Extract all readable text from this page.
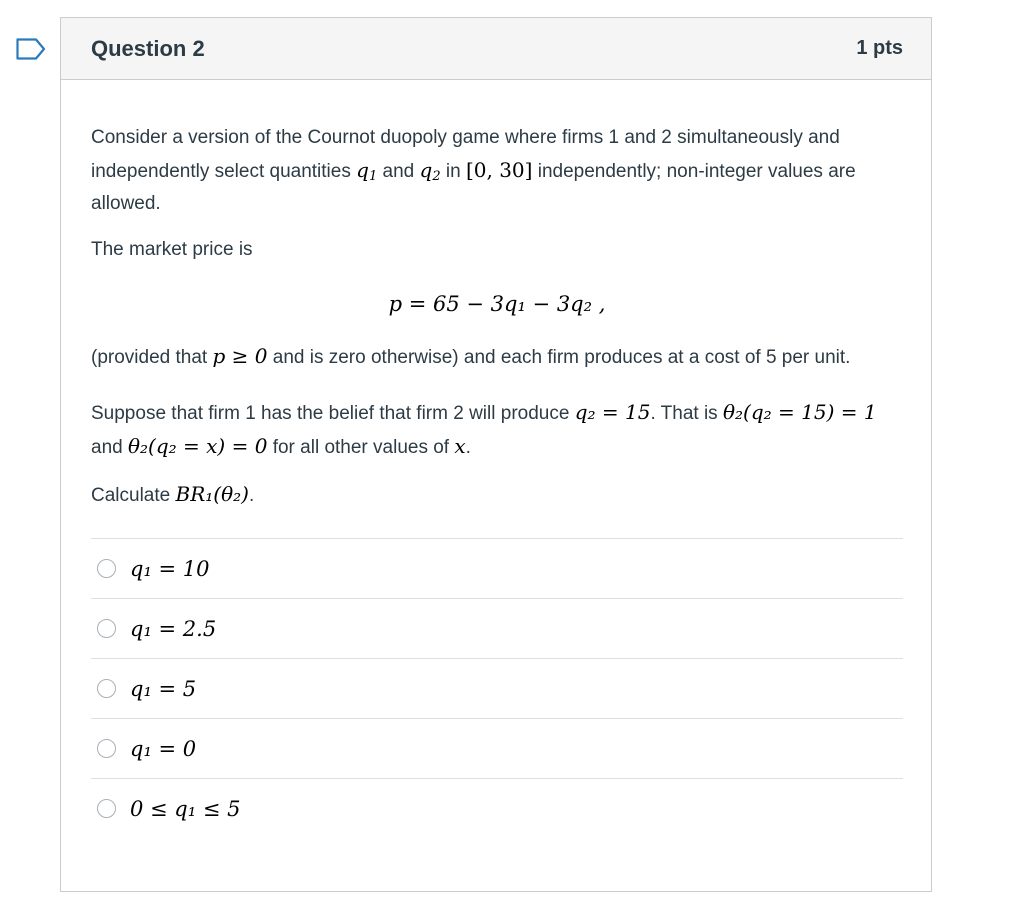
Question 2	1 pts

Consider a version of the Cournot duopoly game where firms 1 and 2 simultaneously and independently select quantities $q_1$ and $q_2$ in [0, 30] independently; non-integer values are allowed.

The market price is

p = 65 − 3q₁ − 3q₂ ,

(provided that p ≥ 0 and is zero otherwise) and each firm produces at a cost of 5 per unit.

Suppose that firm 1 has the belief that firm 2 will produce q₂ = 15. That is θ₂(q₂ = 15) = 1 and θ₂(q₂ = x) = 0 for all other values of x.

Calculate BR₁(θ₂).

q₁ = 10
q₁ = 2.5
q₁ = 5
q₁ = 0
0 ≤ q₁ ≤ 5
